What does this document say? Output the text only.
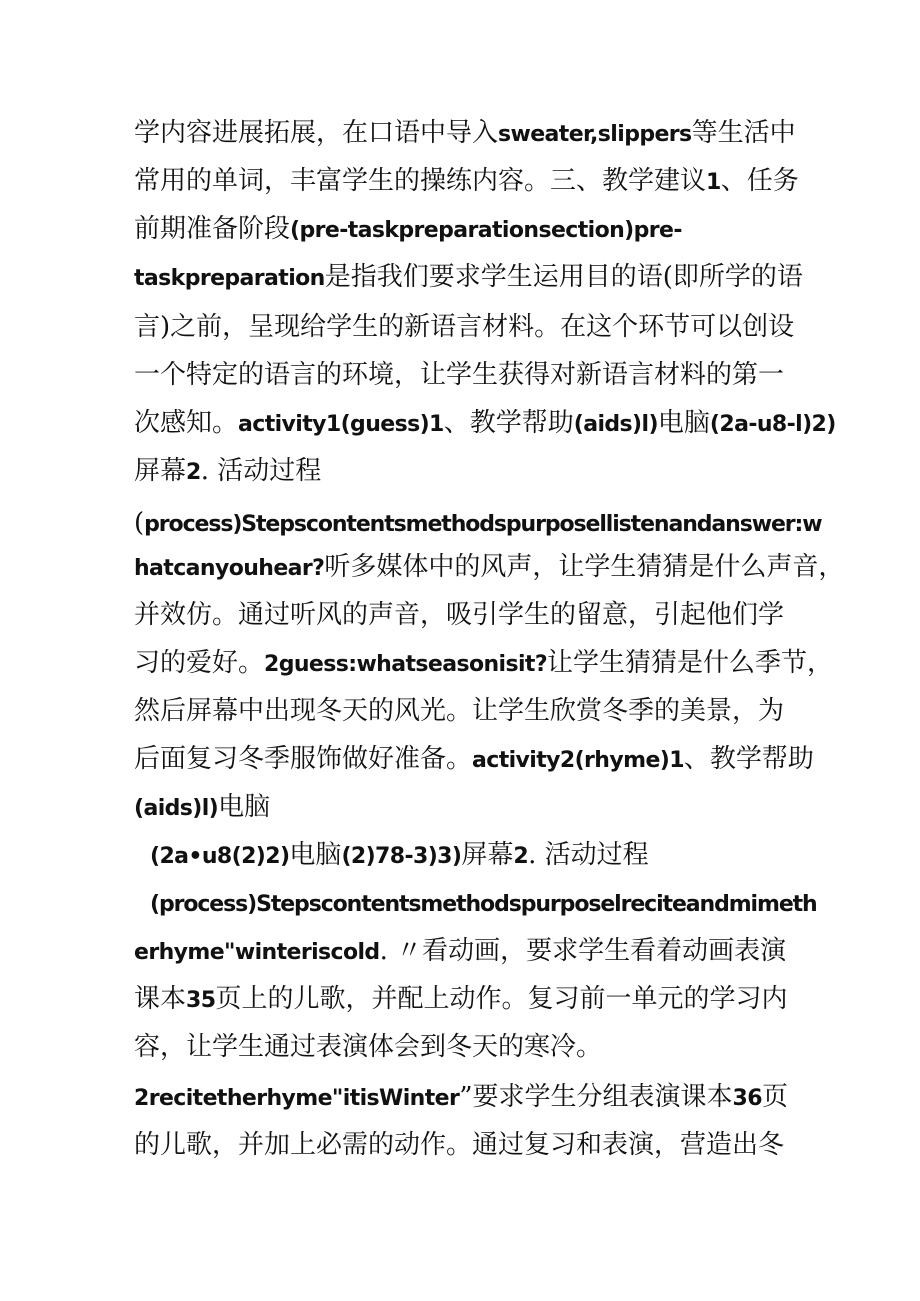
学内容进展拓展，在口语中导入sweater,slippers等生活中
常用的单词，丰富学生的操练内容。三、教学建议1、任务
前期准备阶段(pre-taskpreparationsection)pre-
taskpreparation是指我们要求学生运用目的语(即所学的语
言)之前，呈现给学生的新语言材料。在这个环节可以创设
一个特定的语言的环境，让学生获得对新语言材料的第一
次感知。activity1(guess)1、教学帮助(aids)l)电脑(2a-u8-l)2)
屏幕2. 活动过程
(process)Stepscontentsmethodspurposellistenandanswer:w
hatcanyouhear?听多媒体中的风声，让学生猜猜是什么声音，
并效仿。通过听风的声音，吸引学生的留意，引起他们学
习的爱好。2guess:whatseasonisit?让学生猜猜是什么季节，
然后屏幕中出现冬天的风光。让学生欣赏冬季的美景，为
后面复习冬季服饰做好准备。activity2(rhyme)1、教学帮助
(aids)l)电脑
(2a•u8(2)2)电脑(2)78-3)3)屏幕2. 活动过程
(process)Stepscontentsmethodspurposelreciteandmimeth
erhyme"winteriscold. 〃看动画，要求学生看着动画表演
课本35页上的儿歌，并配上动作。复习前一单元的学习内
容，让学生通过表演体会到冬天的寒冷。
2recitetherhyme"itisWinter”要求学生分组表演课本36页
的儿歌，并加上必需的动作。通过复习和表演，营造出冬
